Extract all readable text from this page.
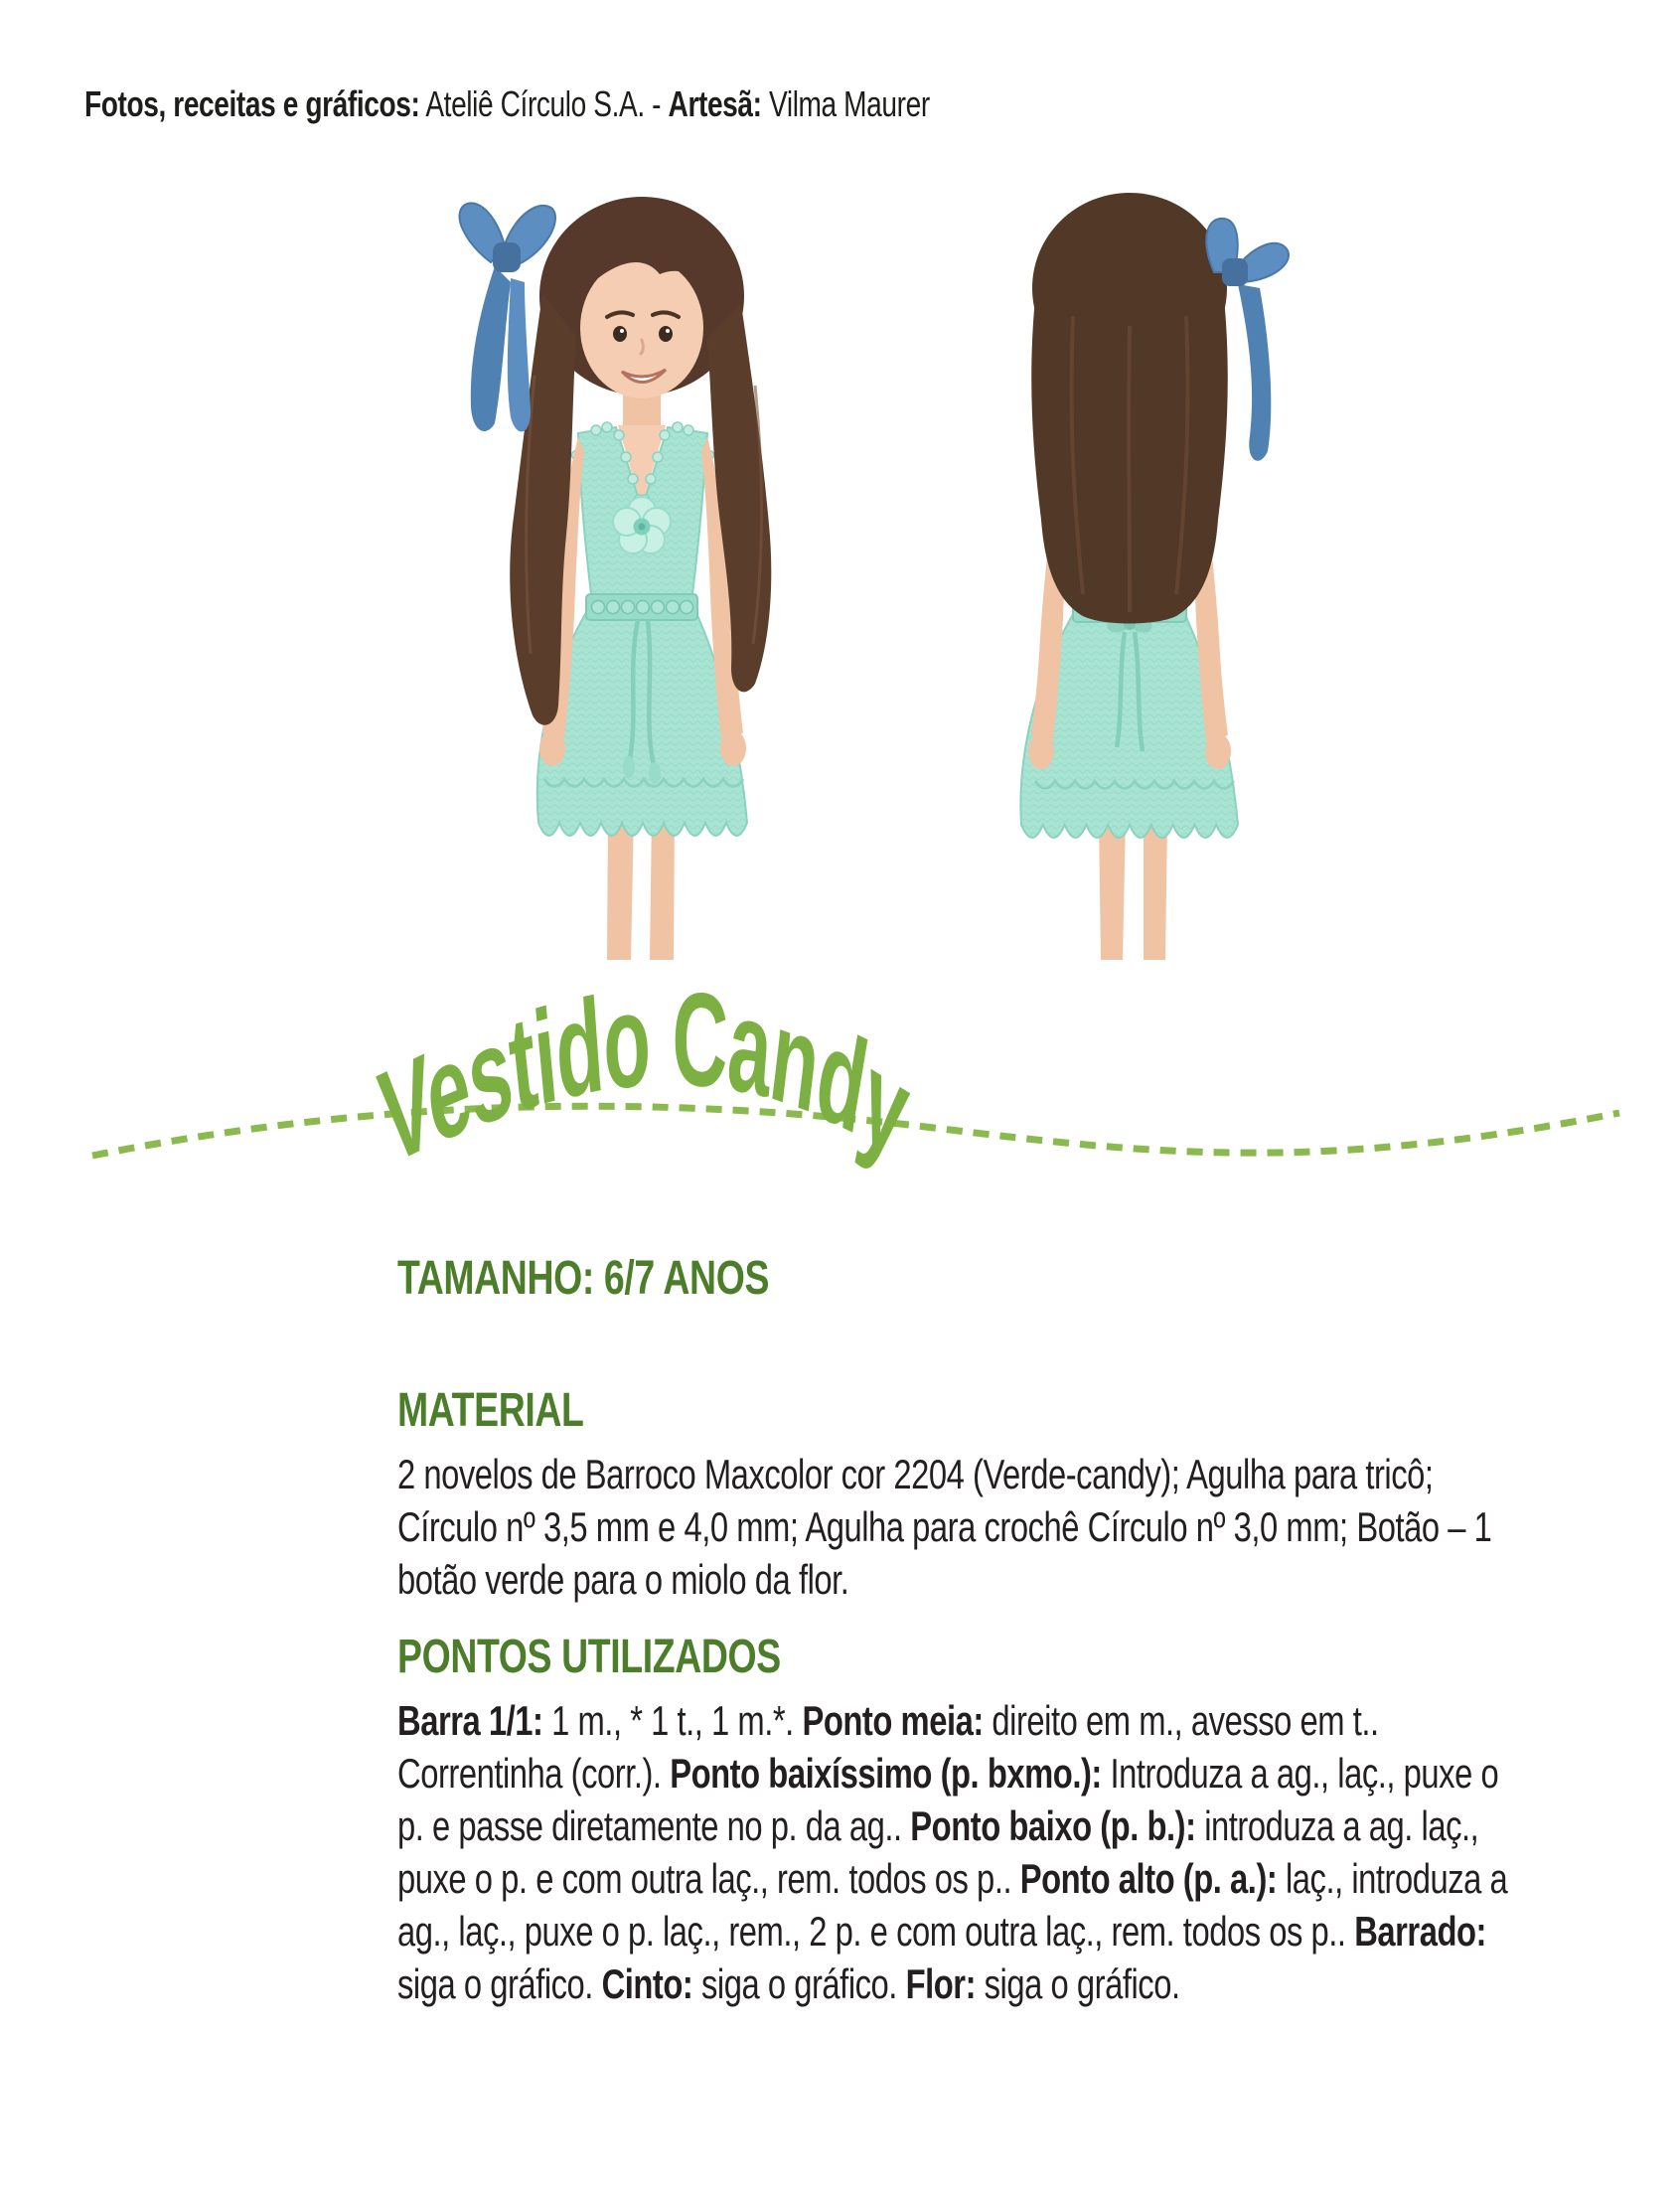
Fotos, receitas e gráficos: Ateliê Círculo S.A. - Artesã: Vilma Maurer
Vestido Candy
TAMANHO: 6/7 ANOS
MATERIAL

2 novelos de Barroco Maxcolor cor 2204 (Verde-candy); Agulha para tricô; Círculo nº 3,5 mm e 4,0 mm; Agulha para crochê Círculo nº 3,0 mm; Botão – 1 botão verde para o miolo da flor.

PONTOS UTILIZADOS

Barra 1/1: 1 m., * 1 t., 1 m.*. Ponto meia: direito em m., avesso em t.. Correntinha (corr.). Ponto baixíssimo (p. bxmo.): Introduza a ag., laç., puxe o p. e passe diretamente no p. da ag.. Ponto baixo (p. b.): introduza a ag. laç., puxe o p. e com outra laç., rem. todos os p.. Ponto alto (p. a.): laç., introduza a ag., laç., puxe o p. laç., rem., 2 p. e com outra laç., rem. todos os p.. Barrado: siga o gráfico. Cinto: siga o gráfico. Flor: siga o gráfico.
